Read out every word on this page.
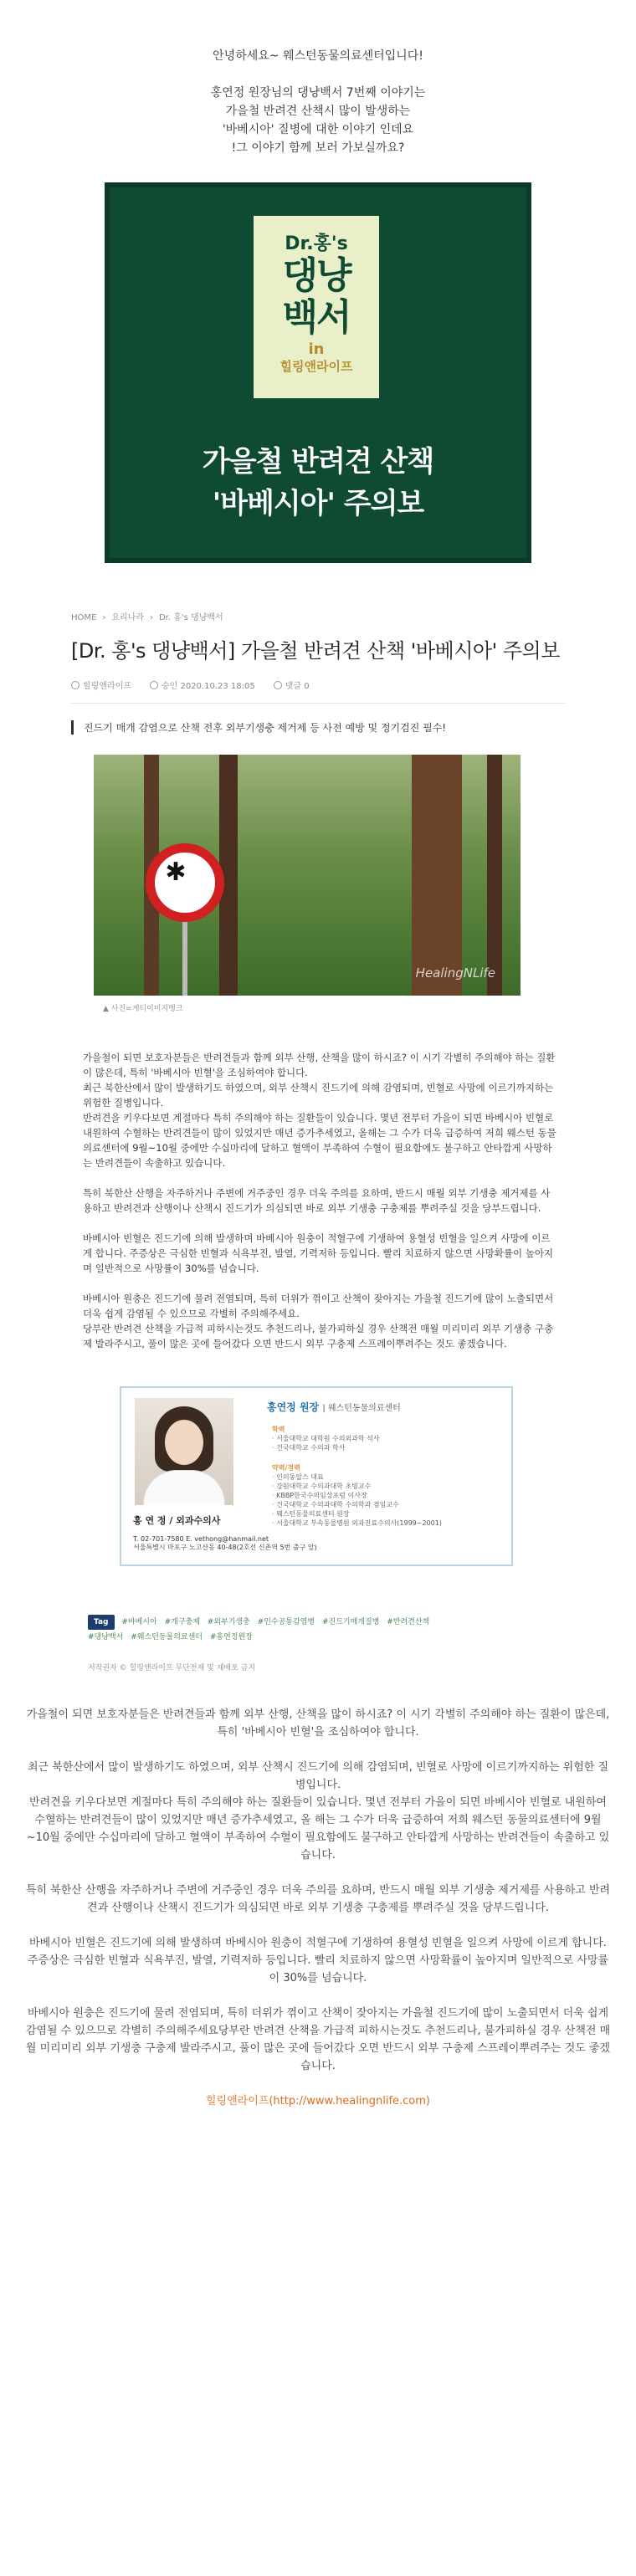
안녕하세요~ 웨스턴동물의료센터입니다!

홍연정 원장님의 댕냥백서 7번째 이야기는

가을철 반려견 산책시 많이 발생하는

'바베시아' 질병에 대한 이야기 인데요

!그 이야기 함께 보러 가보실까요?

Dr.홍's
댕냥
백서
in
힐링앤라이프
가을철 반려견 산책
'바베시아' 주의보
HOME › 요리나라 › Dr. 홍's 댕냥백서
[Dr. 홍's 댕냥백서] 가을철 반려견 산책 '바베시아' 주의보
힐링앤라이프	승인 2020.10.23 18:05	댓글 0
진드기 매개 감염으로 산책 전후 외부기생충 제거제 등 사전 예방 및 정기검진 필수!
✱
HealingNLife
▲ 사진=게티이미지뱅크

가을철이 되면 보호자분들은 반려견들과 함께 외부 산행, 산책을 많이 하시죠? 이 시기 각별히 주의해야 하는 질환이 많은데, 특히 '바베시아 빈혈'을 조심하여야 합니다.

최근 북한산에서 많이 발생하기도 하였으며, 외부 산책시 진드기에 의해 감염되며, 빈혈로 사망에 이르기까지하는 위험한 질병입니다.

반려견을 키우다보면 계절마다 특히 주의해야 하는 질환들이 있습니다. 몇년 전부터 가을이 되면 바베시아 빈혈로 내원하여 수혈하는 반려견들이 많이 있었지만 매년 증가추세였고, 올해는 그 수가 더욱 급증하여 저희 웨스턴 동물의료센터에 9월~10월 중에만 수십마리에 달하고 혈액이 부족하여 수혈이 필요함에도 불구하고 안타깝게 사망하는 반려견들이 속출하고 있습니다.

특히 북한산 산행을 자주하거나 주변에 거주중인 경우 더욱 주의를 요하며, 반드시 매월 외부 기생충 제거제를 사용하고 반려견과 산행이나 산책시 진드기가 의심되면 바로 외부 기생충 구충제를 뿌려주실 것을 당부드립니다.

바베시아 빈혈은 진드기에 의해 발생하며 바베시아 원충이 적혈구에 기생하여 용혈성 빈혈을 일으켜 사망에 이르게 합니다. 주증상은 극심한 빈혈과 식욕부진, 발열, 기력저하 등입니다. 빨리 치료하지 않으면 사망확률이 높아지며 일반적으로 사망률이 30%를 넘습니다.

바베시아 원충은 진드기에 물려 전염되며, 특히 더위가 꺾이고 산책이 잦아지는 가을철 진드기에 많이 노출되면서 더욱 쉽게 감염될 수 있으므로 각별히 주의해주세요.

당부란 반려견 산책을 가급적 피하시는것도 추천드리나, 불가피하실 경우 산책전 매월 미리미리 외부 기생충 구충제 발라주시고, 풀이 많은 곳에 들어갔다 오면 반드시 외부 구충제 스프레이뿌려주는 것도 좋겠습니다.

홍연정 원장 | 웨스턴동물의료센터
학력
· 서울대학교 대학원 수의외과학 석사
· 건국대학교 수의과 학사
약력/경력
· 인의동압스 대표
· 강원대학교 수의과대학 초빙교수
· KBBP한국수의임상포럼 이사장
· 건국대학교 수의과대학 수의학과 겸임교수
· 웨스턴동물의료센터 원장
· 서울대학교 부속동물병원 외과진료수의사(1999~2001)
홍 연 정 / 외과수의사
T. 02-701-7580 E. vethong@hanmail.net
서울특별시 마포구 노고산동 40-48(2호선 신촌역 5번 출구 앞)
Tag #바베시아 #개구충제 #외부기생충 #인수공통감염병 #진드기매개질병 #반려견산책
#댕냥백서 #웨스턴동물의료센터 #홍연정원장
저작권자 © 힐링앤라이프 무단전재 및 재배포 금지

가을철이 되면 보호자분들은 반려견들과 함께 외부 산행, 산책을 많이 하시죠? 이 시기 각별히 주의해야 하는 질환이 많은데, 특히 '바베시아 빈혈'을 조심하여야 합니다.

최근 북한산에서 많이 발생하기도 하였으며, 외부 산책시 진드기에 의해 감염되며, 빈혈로 사망에 이르기까지하는 위험한 질병입니다.

반려견을 키우다보면 계절마다 특히 주의해야 하는 질환들이 있습니다. 몇년 전부터 가을이 되면 바베시아 빈혈로 내원하여 수혈하는 반려견들이 많이 있었지만 매년 증가추세였고, 올 해는 그 수가 더욱 급증하여 저희 웨스턴 동물의료센터에 9월~10월 중에만 수십마리에 달하고 혈액이 부족하여 수혈이 필요함에도 불구하고 안타깝게 사망하는 반려견들이 속출하고 있습니다.

특히 북한산 산행을 자주하거나 주변에 거주중인 경우 더욱 주의를 요하며, 반드시 매월 외부 기생충 제거제를 사용하고 반려견과 산행이나 산책시 진드기가 의심되면 바로 외부 기생충 구충제를 뿌려주실 것을 당부드립니다.

바베시아 빈혈은 진드기에 의해 발생하며 바베시아 원충이 적혈구에 기생하여 용혈성 빈혈을 일으켜 사망에 이르게 합니다. 주증상은 극심한 빈혈과 식욕부진, 발열, 기력저하 등입니다. 빨리 치료하지 않으면 사망확률이 높아지며 일반적으로 사망률이 30%를 넘습니다.

바베시아 원충은 진드기에 물려 전염되며, 특히 더위가 꺾이고 산책이 잦아지는 가을철 진드기에 많이 노출되면서 더욱 쉽게 감염될 수 있으므로 각별히 주의해주세요당부란 반려견 산책을 가급적 피하시는것도 추천드리나, 불가피하실 경우 산책전 매월 미리미리 외부 기생충 구충제 발라주시고, 풀이 많은 곳에 들어갔다 오면 반드시 외부 구충제 스프레이뿌려주는 것도 좋겠습니다.

힐링앤라이프(http://www.healingnlife.com)
